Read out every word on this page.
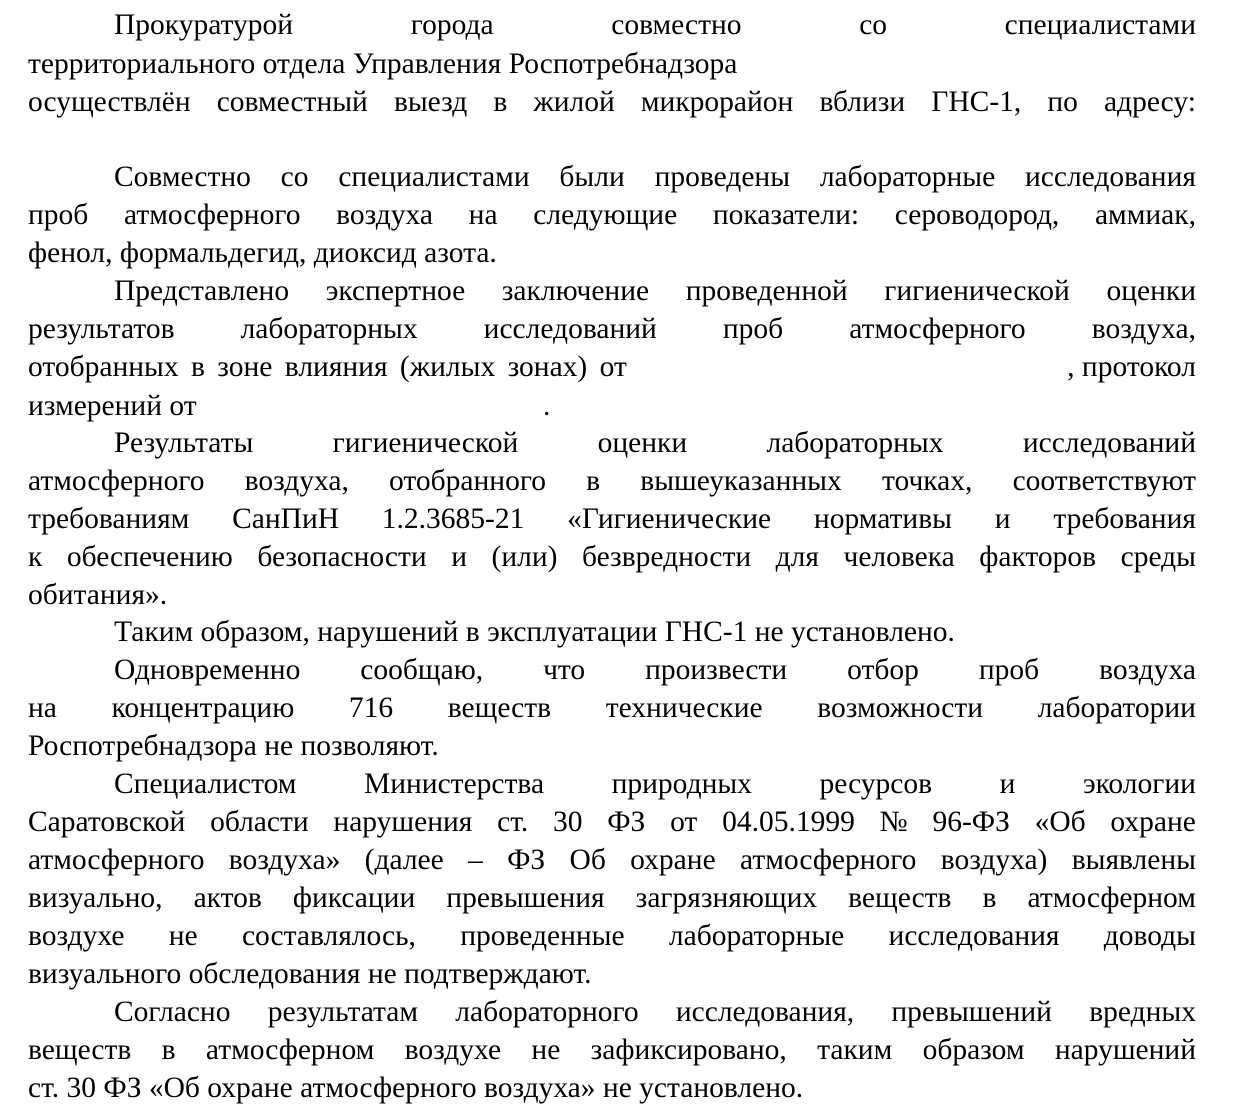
Прокуратурой	города	совместно	со	специалистами
территориального отдела Управления Роспотребнадзора
осуществлён совместный выезд в жилой микрорайон вблизи ГНС-1, по адресу:
Совместно со специалистами были проведены лабораторные исследования
проб атмосферного воздуха на следующие показатели: сероводород, аммиак,
фенол, формальдегид, диоксид азота.
Представлено экспертное заключение проведенной гигиенической оценки
результатов лабораторных исследований проб атмосферного воздуха,
отобранных в зоне влияния (жилых зонах) от	, протокол
измерений от	.
Результаты	гигиенической	оценки	лабораторных	исследований
атмосферного воздуха, отобранного в вышеуказанных точках, соответствуют
требованиям СанПиН 1.2.3685-21 «Гигиенические нормативы и требования
к обеспечению безопасности и (или) безвредности для человека факторов среды
обитания».
Таким образом, нарушений в эксплуатации ГНС-1 не установлено.
Одновременно сообщаю, что произвести отбор проб воздуха
на концентрацию 716 веществ технические возможности лаборатории
Роспотребнадзора не позволяют.
Специалистом Министерства природных ресурсов и экологии
Саратовской области нарушения ст. 30 ФЗ от 04.05.1999 № 96-ФЗ «Об охране
атмосферного воздуха» (далее – ФЗ Об охране атмосферного воздуха) выявлены
визуально, актов фиксации превышения загрязняющих веществ в атмосферном
воздухе не составлялось, проведенные лабораторные исследования доводы
визуального обследования не подтверждают.
Согласно результатам лабораторного исследования, превышений вредных
веществ в атмосферном воздухе не зафиксировано, таким образом нарушений
ст. 30 ФЗ «Об охране атмосферного воздуха» не установлено.
